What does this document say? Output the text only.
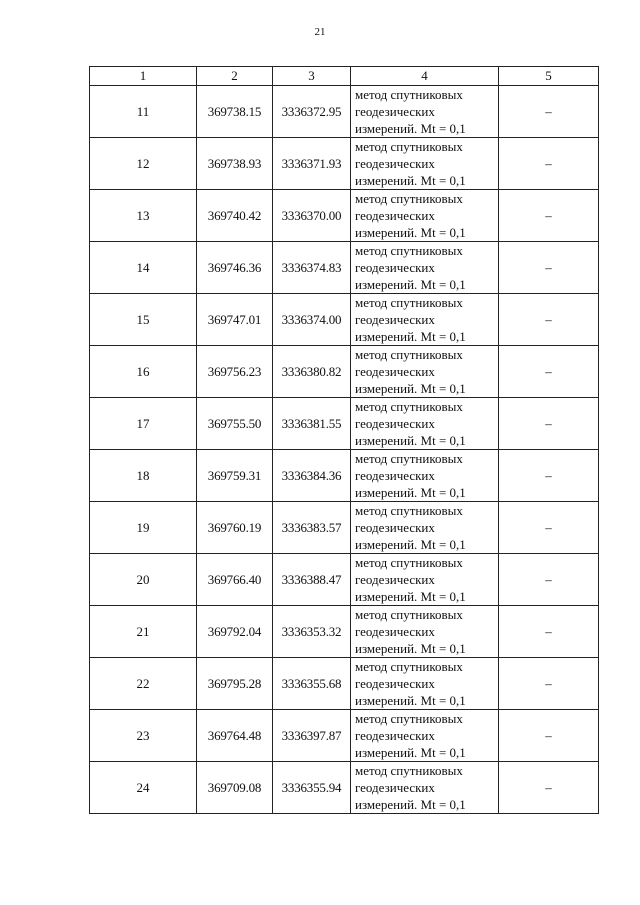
21
1	2	3	4	5
11	369738.15	3336372.95	метод спутниковых
геодезических
измерений. Mt = 0,1	–
12	369738.93	3336371.93	метод спутниковых
геодезических
измерений. Mt = 0,1	–
13	369740.42	3336370.00	метод спутниковых
геодезических
измерений. Mt = 0,1	–
14	369746.36	3336374.83	метод спутниковых
геодезических
измерений. Mt = 0,1	–
15	369747.01	3336374.00	метод спутниковых
геодезических
измерений. Mt = 0,1	–
16	369756.23	3336380.82	метод спутниковых
геодезических
измерений. Mt = 0,1	–
17	369755.50	3336381.55	метод спутниковых
геодезических
измерений. Mt = 0,1	–
18	369759.31	3336384.36	метод спутниковых
геодезических
измерений. Mt = 0,1	–
19	369760.19	3336383.57	метод спутниковых
геодезических
измерений. Mt = 0,1	–
20	369766.40	3336388.47	метод спутниковых
геодезических
измерений. Mt = 0,1	–
21	369792.04	3336353.32	метод спутниковых
геодезических
измерений. Mt = 0,1	–
22	369795.28	3336355.68	метод спутниковых
геодезических
измерений. Mt = 0,1	–
23	369764.48	3336397.87	метод спутниковых
геодезических
измерений. Mt = 0,1	–
24	369709.08	3336355.94	метод спутниковых
геодезических
измерений. Mt = 0,1	–
